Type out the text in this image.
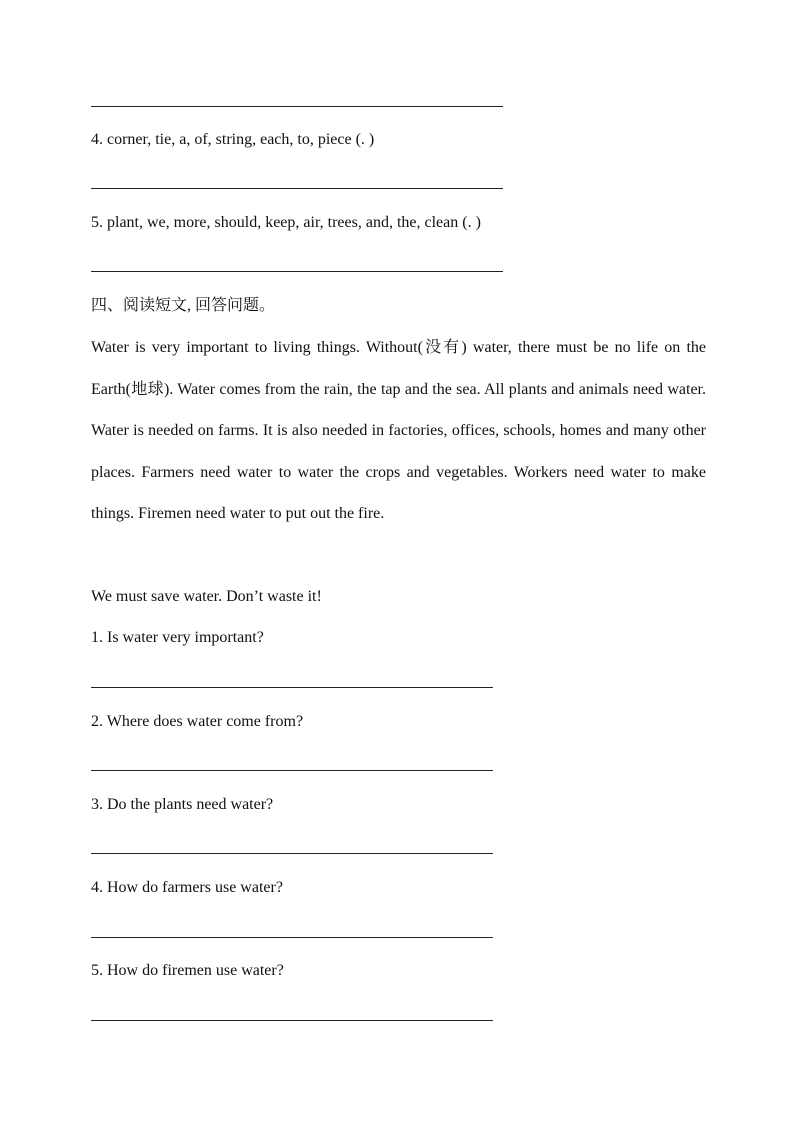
4. corner, tie, a, of, string, each, to, piece (. )
5. plant, we, more, should, keep, air, trees, and, the, clean (. )
四、阅读短文, 回答问题。

Water is very important to living things. Without(没有) water, there must be no life on the Earth(地球). Water comes from the rain, the tap and the sea. All plants and animals need water. Water is needed on farms. It is also needed in factories, offices, schools, homes and many other places. Farmers need water to water the crops and vegetables. Workers need water to make things. Firemen need water to put out the fire.

We must save water. Don’t waste it!
1. Is water very important?
2. Where does water come from?
3. Do the plants need water?
4. How do farmers use water?
5. How do firemen use water?
